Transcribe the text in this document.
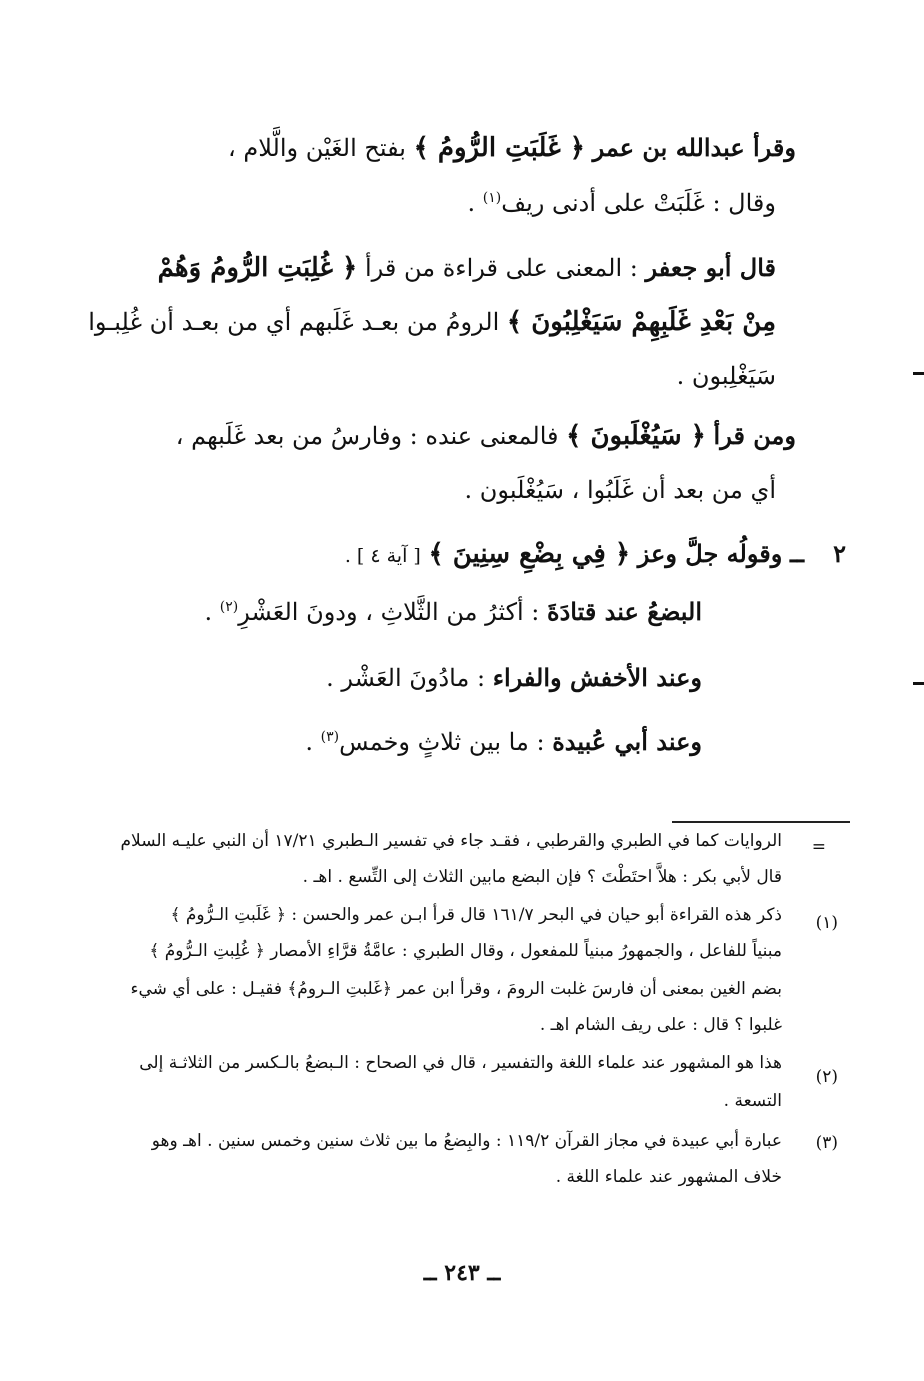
وقرأ عبدالله بن عمر ﴿ غَلَبَتِ الرُّومُ ﴾ بفتح الغَيْن والَّلام ،
وقال : غَلَبَتْ على أدنى ريف$^{(١)}$ .
قال أبو جعفر : المعنى على قراءة من قرأ ﴿ غُلِبَتِ الرُّومُ وَهُمْ
مِنْ بَعْدِ غَلَبِهِمْ سَيَغْلِبُونَ ﴾ الرومُ من بعـد غَلَبهم أي من بعـد أن غُلِبـوا
سَيَغْلِبون .
ومن قرأ ﴿ سَيُغْلَبونَ ﴾ فالمعنى عنده : وفارسُ من بعد غَلَبهم ،
أي من بعد أن غَلَبُوا ، سَيُغْلَبون .
٢
ــ وقولُه جلَّ وعز ﴿ فِي بِضْعِ سِنِينَ ﴾ [ آية ٤ ] .
البضعُ عند قتادَةَ : أكثرُ من الثَّلاثِ ، ودونَ العَشْرِ$^{(٢)}$ .
وعند الأخفش والفراء : مادُونَ العَشْر .
وعند أبي عُبيدة : ما بين ثلاثٍ وخمس$^{(٣)}$ .
=
الروايات كما في الطبري والقرطبي ، فقـد جاء في تفسير الـطبري ١٧/٢١ أن النبي عليـه السلام
قال لأبي بكر : هلاَّ احتَطْتَ ؟ فإن البضع مابين الثلاث إلى التِّسع . اهـ .
(١)
ذكر هذه القراءة أبو حيان في البحر ١٦١/٧ قال قرأ ابـن عمر والحسن : ﴿ غَلَبتِ الـرُّومُ ﴾
مبنياً للفاعل ، والجمهورُ مبنياً للمفعول ، وقال الطبري : عامَّةُ قرَّاءِ الأمصار ﴿ غُلِبتِ الـرُّومُ ﴾
بضم الغين بمعنى أن فارسَ غلبت الرومَ ، وقرأ ابن عمر ﴿غَلبتِ الـرومُ﴾ فقيـل : على أي شيء
غلبوا ؟ قال : على ريف الشام اهـ .
(٢)
هذا هو المشهور عند علماء اللغة والتفسير ، قال في الصحاح : الـبضعُ بالـكسر من الثلاثـة إلى
التسعة .
(٣)
عبارة أبي عبيدة في مجاز القرآن ١١٩/٢ : والبِضعُ ما بين ثلاث سنين وخمس سنين . اهـ وهو
خلاف المشهور عند علماء اللغة .
ــ ٢٤٣ ــ
